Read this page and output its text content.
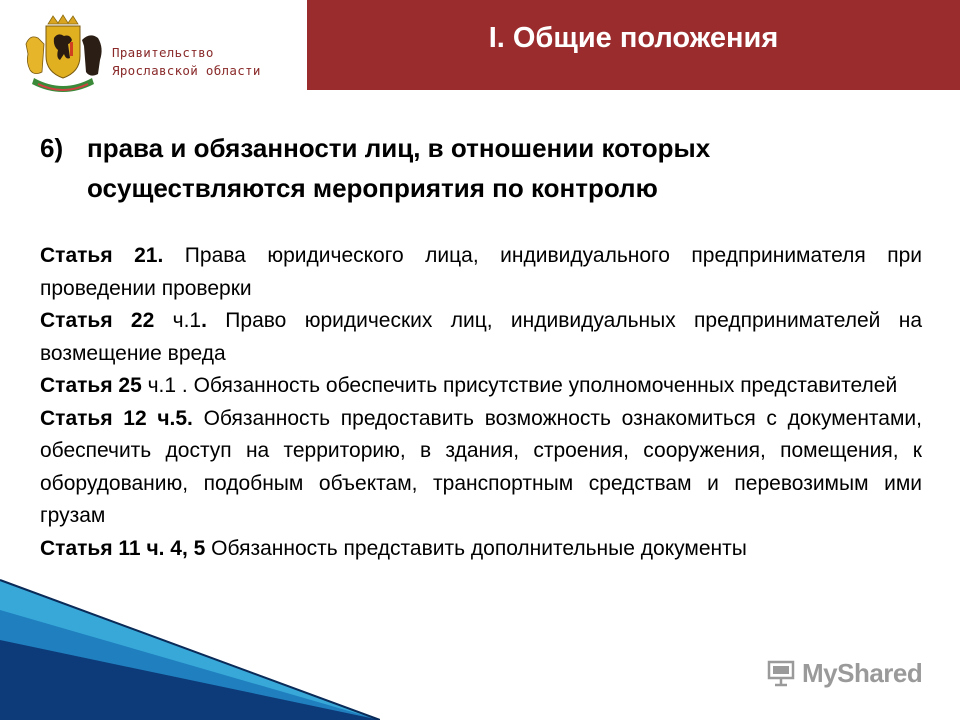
Правительство
Ярославской области
I. Общие положения
6) права и обязанности лиц, в отношении которых осуществляются мероприятия по контролю

Статья 21. Права юридического лица, индивидуального предпринимателя при проведении проверки

Статья 22 ч.1. Право юридических лиц, индивидуальных предпринимателей на возмещение вреда

Статья 25 ч.1 . Обязанность обеспечить присутствие уполномоченных представителей

Статья 12 ч.5. Обязанность предоставить возможность ознакомиться с документами, обеспечить доступ на территорию, в здания, строения, сооружения, помещения, к оборудованию, подобным объектам, транспортным средствам и перевозимым ими грузам

Статья 11 ч. 4, 5 Обязанность представить дополнительные документы

MyShared
